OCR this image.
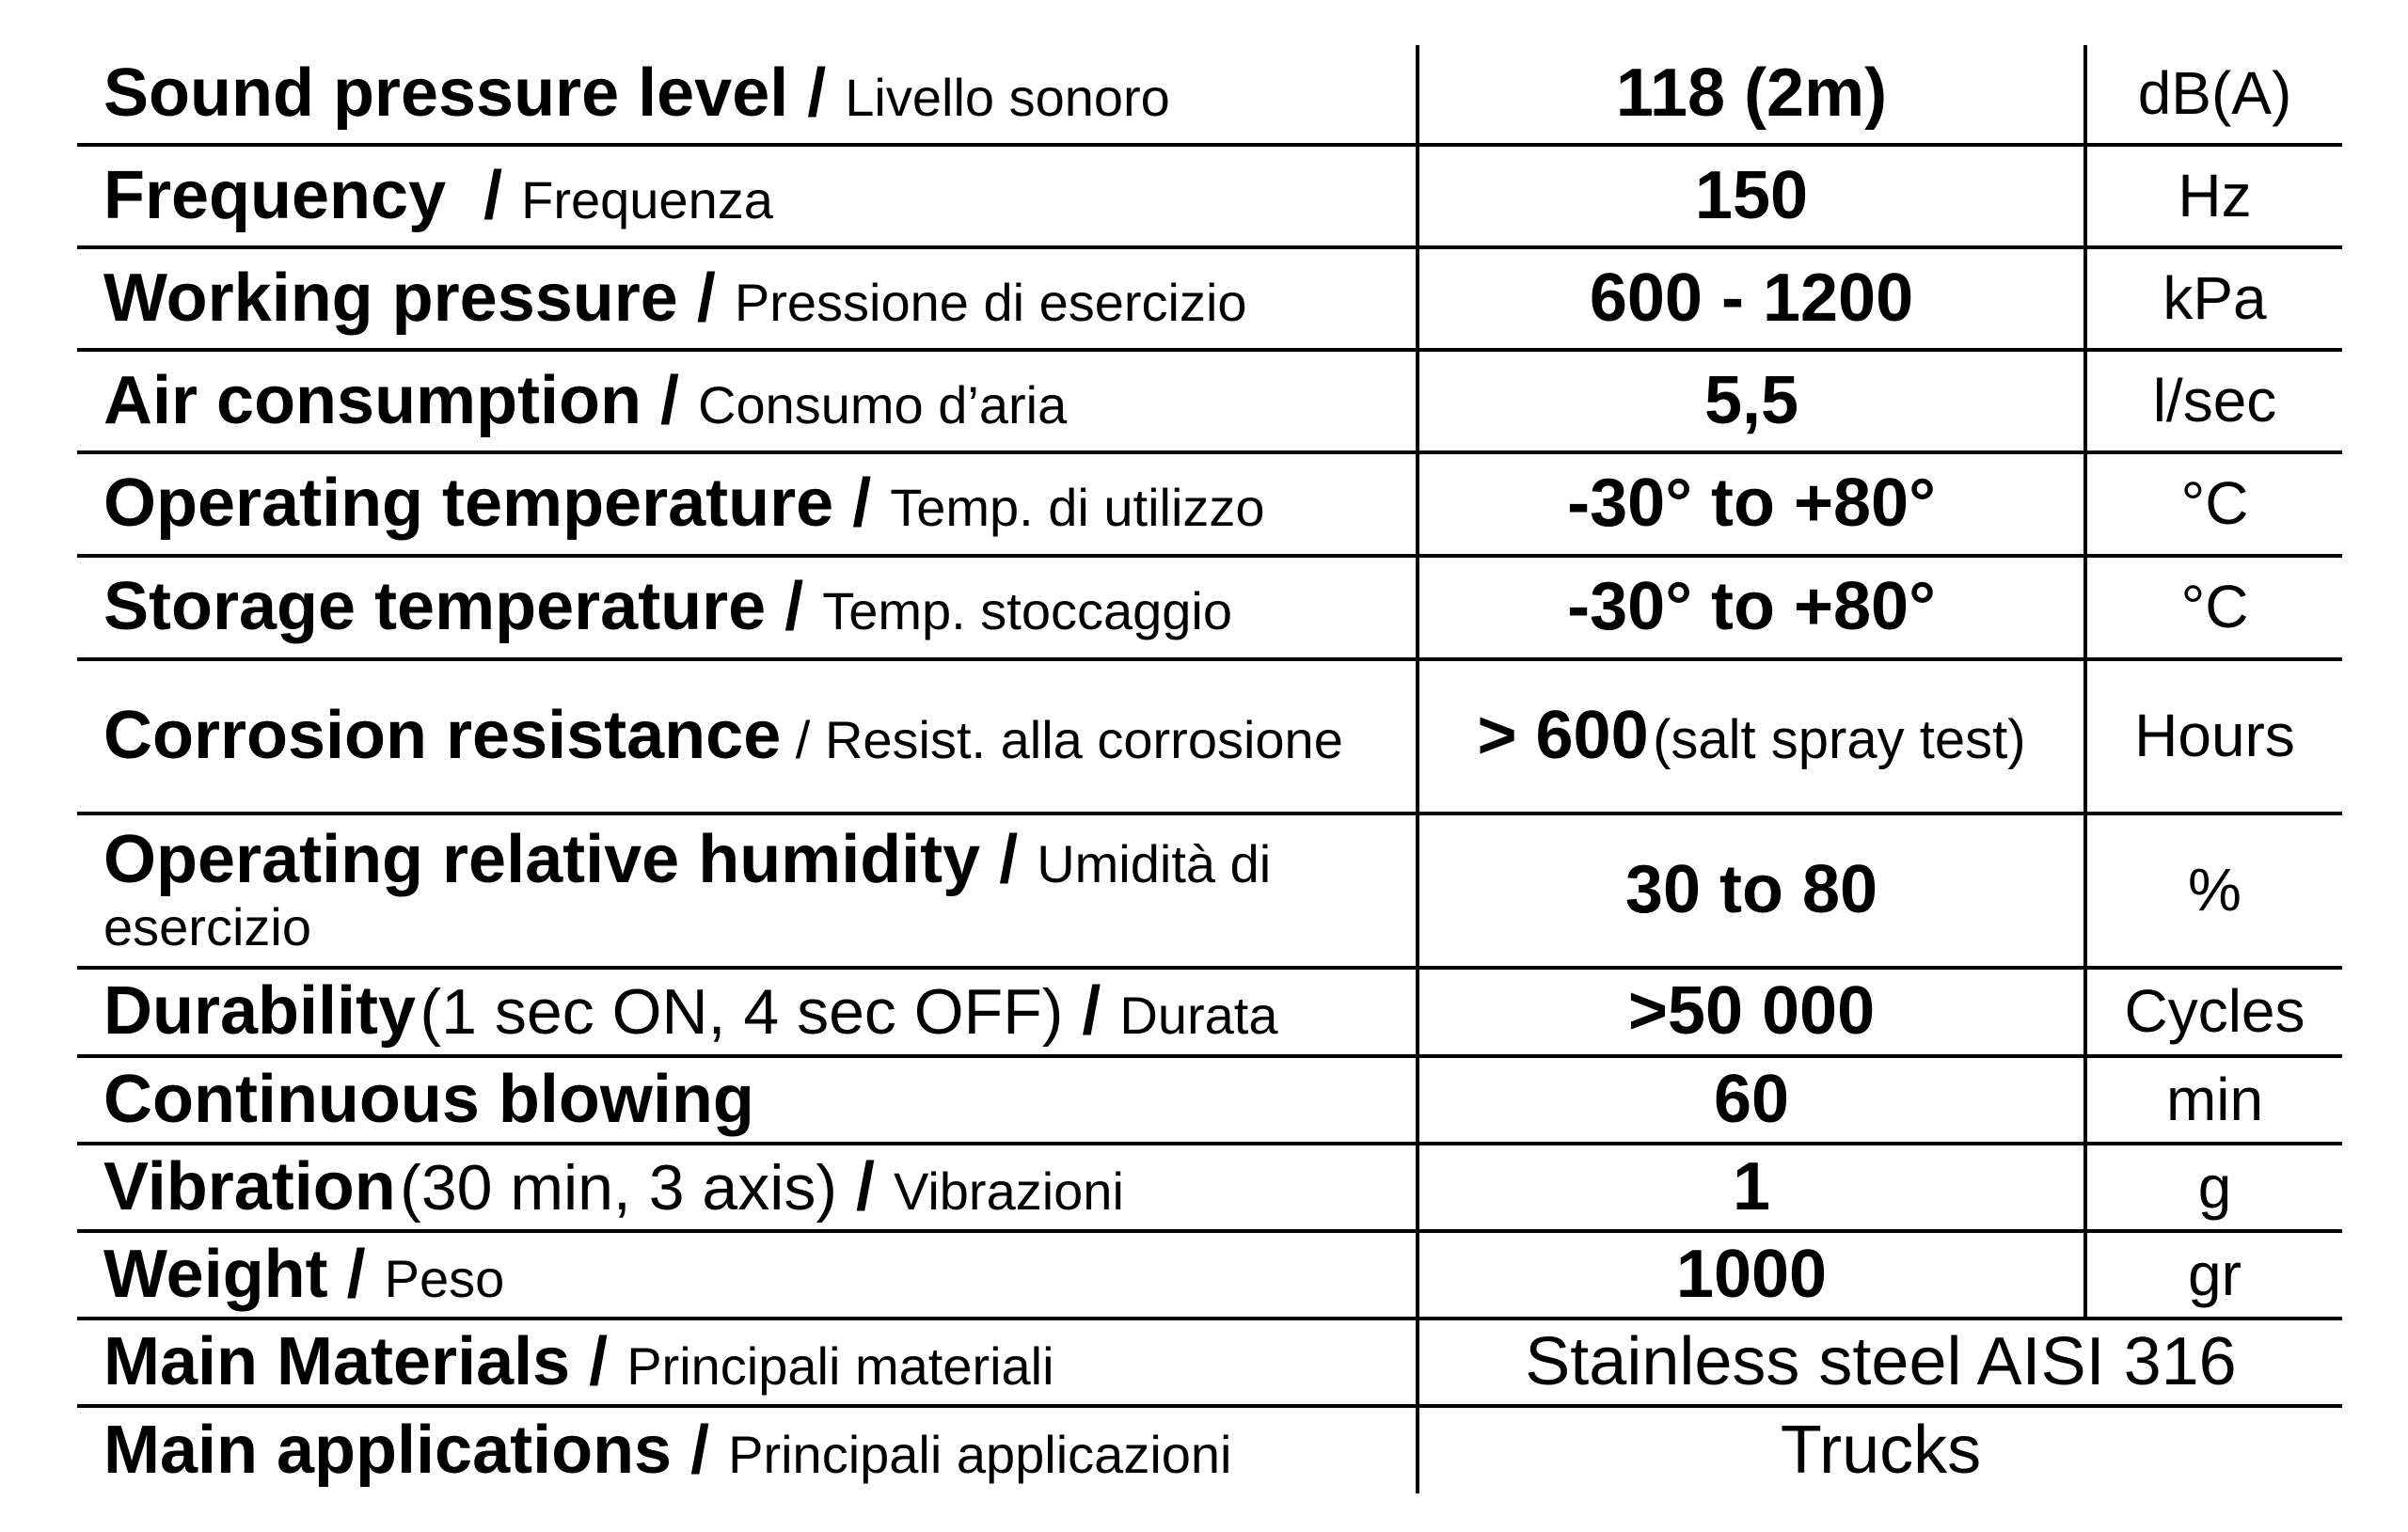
Sound pressure level / Livello sonoro	118 (2m)	dB(A)
Frequency  / Frequenza	150	Hz
Working pressure / Pressione di esercizio	600 - 1200	kPa
Air consumption / Consumo d’aria	5,5	l/sec
Operating temperature / Temp. di utilizzo	-30° to +80°	°C
Storage temperature / Temp. stoccaggio	-30° to +80°	°C
Corrosion resistance / Resist. alla corrosione	> 600 (salt spray test)	Hours
Operating relative humidity / Umidità di esercizio	30 to 80	%
Durability (1 sec ON, 4 sec OFF) / Durata	>50 000	Cycles
Continuous blowing	60	min
Vibration (30 min, 3 axis) / Vibrazioni	1	g
Weight / Peso	1000	gr
Main Materials / Principali materiali	Stainless steel AISI 316	
Main applications / Principali applicazioni	Trucks	
